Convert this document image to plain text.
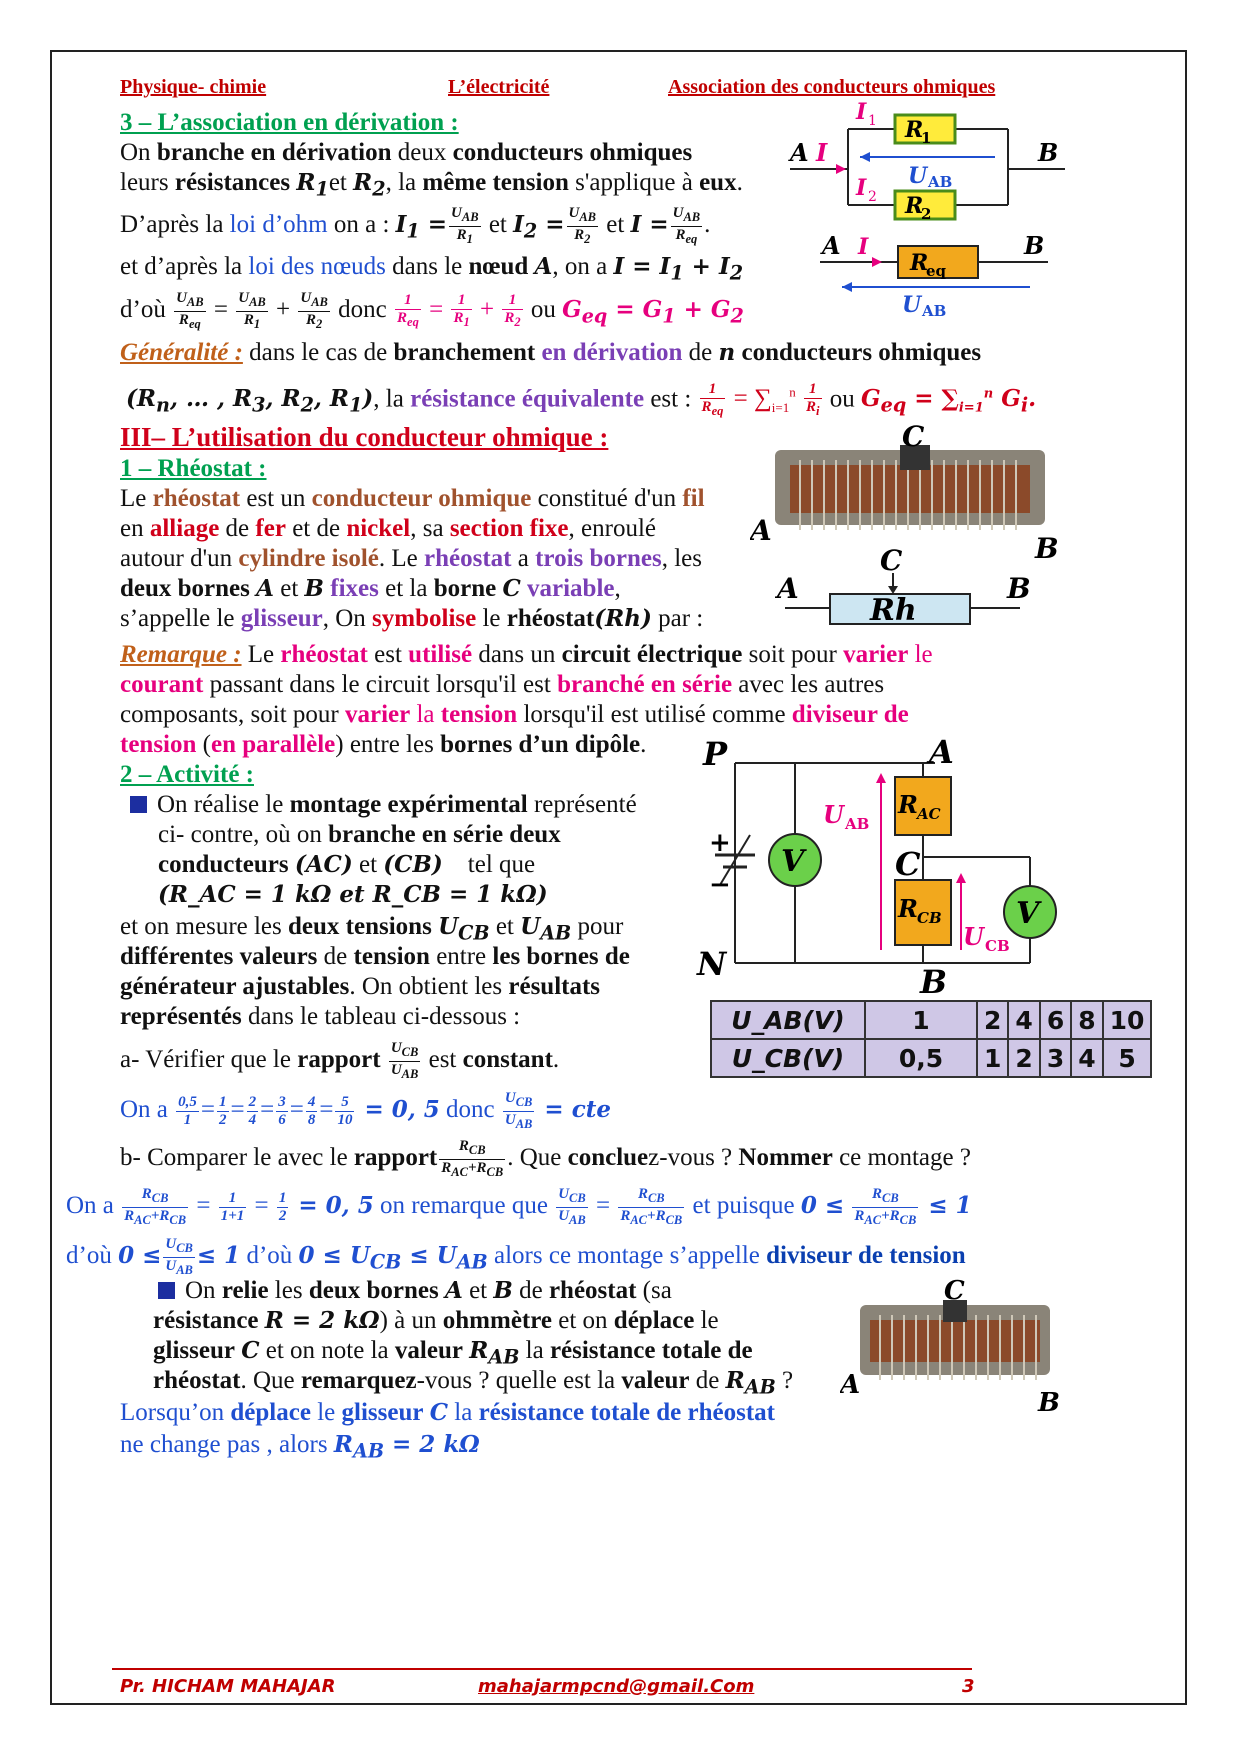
Physique- chimie	L’électricité	Association des conducteurs ohmiques
3 – L’association en dérivation :
On branche en dérivation deux conducteurs ohmiques
leurs résistances $R_1et$ $R_2$, la même tension s'applique à eux.
D’après la loi d’ohm on a : $I_1 = \frac{U_{AB}}{R_1}$ et $I_2 = \frac{U_{AB}}{R_2}$ et $I = \frac{U_{AB}}{R_{eq}}$ .
et d’après la loi des nœuds dans le nœud A, on a $I = I_1 + I_2$
d’où $\frac{U_{AB}}{R_{eq}} = \frac{U_{AB}}{R_1} + \frac{U_{AB}}{R_2}$ donc $\frac{1}{R_{eq}} = \frac{1}{R_1} + \frac{1}{R_2}$ ou $G_{eq} = G_1 + G_2$
R
1
R
2
U AB
A I	B
I 1
I 2
R
eq
A I	B
U AB
Généralité : dans le cas de branchement en dérivation de n conducteurs ohmiques
($R_n$, … , $R_3$, $R_2$, $R_1$), la résistance équivalente est : $\frac{1}{R_{eq}} = \sum_{i=1}^n \frac{1}{R_i}$ ou $G_{eq} = \sum_{i=1}^n$ $G_i$.
III– L’utilisation du conducteur ohmique :
1 – Rhéostat :
Le rhéostat est un conducteur ohmique constitué d'un fil
en alliage de fer et de nickel, sa section fixe, enroulé
autour d'un cylindre isolé. Le rhéostat a trois bornes, les
deux bornes A et B fixes et la borne C variable,
s’appelle le glisseur, On symbolise le rhéostat(Rh) par :
C
A
B
C
Rh
A	B
Remarque : Le rhéostat est utilisé dans un circuit électrique soit pour varier le
courant passant dans le circuit lorsqu'il est branché en série avec les autres
composants, soit pour varier la tension lorsqu'il est utilisé comme diviseur de
tension (en parallèle) entre les bornes d’un dipôle.
2 – Activité :
On réalise le montage expérimental représenté
ci- contre, où on branche en série deux
conducteurs (AC) et (CB) tel que
(R_AC = 1 kΩ et R_CB = 1 kΩ)
et on mesure les deux tensions $U_{CB}$ et $U_{AB}$ pour
différentes valeurs de tension entre les bornes de
générateur ajustables. On obtient les résultats
représentés dans le tableau ci-dessous :
a- Vérifier que le rapport $\frac{U_{CB}}{U_{AB}}$ est constant.
On a $\frac{0,5}{1} = \frac{1}{2} = \frac{2}{4} = \frac{3}{6} = \frac{4}{8} = \frac{5}{10} = 0$, 5 donc $\frac{U_{CB}}{U_{AB}}$ = cte
b- Comparer le avec le rapport $\frac{R_{CB}}{R_{AC}+R_{CB}}$ . Que concluez-vous ? Nommer ce montage ?
On a $\frac{R_{CB}}{R_{AC}+R_{CB}} = \frac{1}{1+1} = \frac{1}{2} = 0$, 5 on remarque que $\frac{U_{CB}}{U_{AB}} = \frac{R_{CB}}{R_{AC}+R_{CB}}$ et puisque $0 \le \frac{R_{CB}}{R_{AC}+R_{CB}} \le 1$
d’où $0 \le \frac{U_{CB}}{U_{AB}} \le 1$ d’où $0 \le U_{CB} \le U_{AB}$ alors ce montage s’appelle diviseur de tension
U_AB(V)	1	2	4	6	8	10
U_CB(V)	0,5	1	2	3	4	5
V
V
R AC
R CB
U AB
U CB
P	A
C
N	B
+
−
On relie les deux bornes A et B de rhéostat (sa
résistance R = 2 kΩ) à un ohmmètre et on déplace le
glisseur C et on note la valeur $R_{AB}$ la résistance totale de
rhéostat. Que remarquez-vous ? quelle est la valeur de $R_{AB}$ ?
Lorsqu’on déplace le glisseur C la résistance totale de rhéostat
ne change pas , alors $R_{AB} = 2$ kΩ
C
A
B
Pr. HICHAM MAHAJAR	mahajarmpcnd@gmail.Com	3
